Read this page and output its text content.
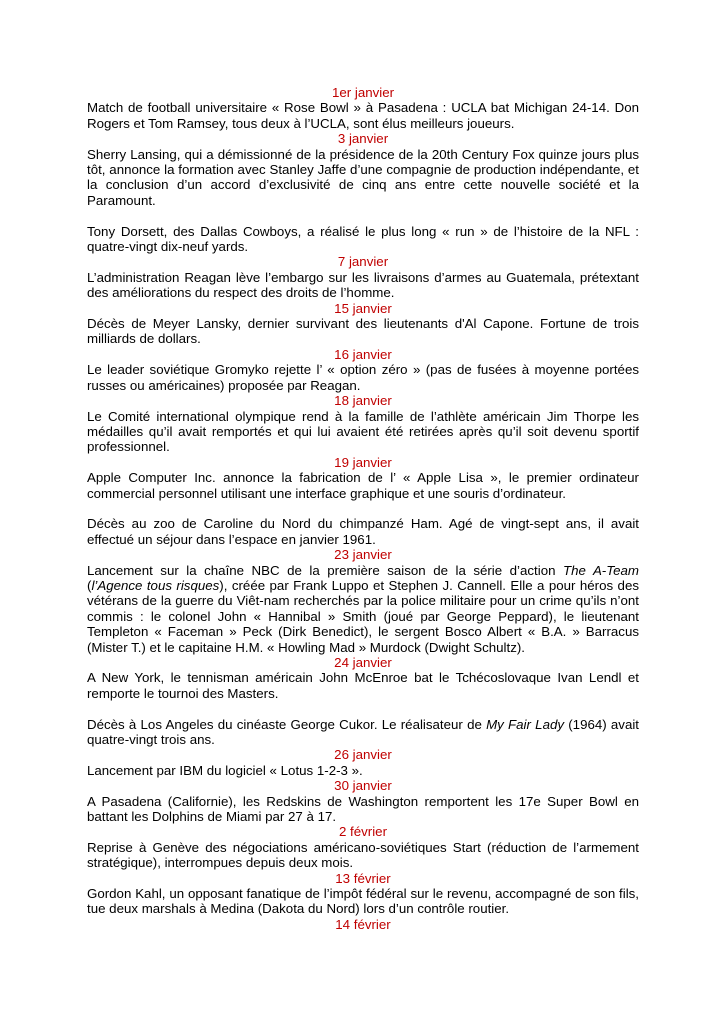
1er janvier
Match de football universitaire « Rose Bowl » à Pasadena : UCLA bat Michigan 24-14. Don Rogers et Tom Ramsey, tous deux à l’UCLA, sont élus meilleurs joueurs.
3 janvier
Sherry Lansing, qui a démissionné de la présidence de la 20th Century Fox quinze jours plus tôt, annonce la formation avec Stanley Jaffe d’une compagnie de production indépendante, et la conclusion d’un accord d’exclusivité de cinq ans entre cette nouvelle société et la Paramount.
Tony Dorsett, des Dallas Cowboys, a réalisé le plus long « run » de l’histoire de la NFL : quatre-vingt dix-neuf yards.
7 janvier
L’administration Reagan lève l’embargo sur les livraisons d’armes au Guatemala, prétextant des améliorations du respect des droits de l’homme.
15 janvier
Décès de Meyer Lansky, dernier survivant des lieutenants d'Al Capone. Fortune de trois milliards de dollars.
16 janvier
Le leader soviétique Gromyko rejette l’ « option zéro » (pas de fusées à moyenne portées russes ou américaines) proposée par Reagan.
18 janvier
Le Comité international olympique rend à la famille de l’athlète américain Jim Thorpe les médailles qu’il avait remportés et qui lui avaient été retirées après qu’il soit devenu sportif professionnel.
19 janvier
Apple Computer Inc. annonce la fabrication de l’ « Apple Lisa », le premier ordinateur commercial personnel utilisant une interface graphique et une souris d’ordinateur.
Décès au zoo de Caroline du Nord du chimpanzé Ham. Agé de vingt-sept ans, il avait effectué un séjour dans l’espace en janvier 1961.
23 janvier
Lancement sur la chaîne NBC de la première saison de la série d’action The A-Team (l’Agence tous risques), créée par Frank Luppo et Stephen J. Cannell. Elle a pour héros des vétérans de la guerre du Viêt-nam recherchés par la police militaire pour un crime qu’ils n’ont commis : le colonel John « Hannibal » Smith (joué par George Peppard), le lieutenant Templeton « Faceman » Peck (Dirk Benedict), le sergent Bosco Albert « B.A. » Barracus (Mister T.) et le capitaine H.M. « Howling Mad » Murdock (Dwight Schultz).
24 janvier
A New York, le tennisman américain John McEnroe bat le Tchécoslovaque Ivan Lendl et remporte le tournoi des Masters.
Décès à Los Angeles du cinéaste George Cukor. Le réalisateur de My Fair Lady (1964) avait quatre-vingt trois ans.
26 janvier
Lancement par IBM du logiciel « Lotus 1-2-3 ».
30 janvier
A Pasadena (Californie), les Redskins de Washington remportent les 17e Super Bowl en battant les Dolphins de Miami par 27 à 17.
2 février
Reprise à Genève des négociations américano-soviétiques Start (réduction de l’armement stratégique), interrompues depuis deux mois.
13 février
Gordon Kahl, un opposant fanatique de l’impôt fédéral sur le revenu, accompagné de son fils, tue deux marshals à Medina (Dakota du Nord) lors d’un contrôle routier.
14 février
